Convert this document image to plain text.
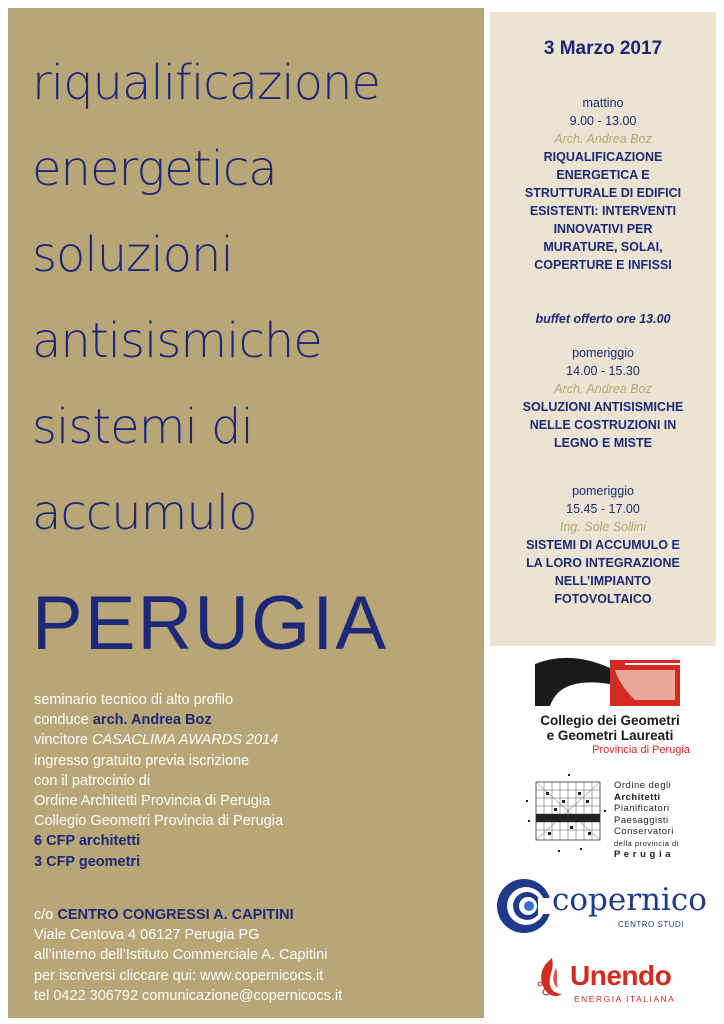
riqualificazione
energetica
soluzioni
antisismiche
sistemi di
accumulo
PERUGIA
seminario tecnico di alto profilo
conduce arch. Andrea Boz
vincitore CASACLIMA AWARDS 2014
ingresso gratuito previa iscrizione
con il patrocinio di
Ordine Architetti Provincia di Perugia
Collegio Geometri Provincia di Perugia
6 CFP architetti
3 CFP geometri
c/o CENTRO CONGRESSI A. CAPITINI
Viale Centova 4 06127 Perugia PG
all’interno dell’Istituto Commerciale A. Capitini
per iscriversi cliccare qui: www.copernicocs.it
tel 0422 306792 comunicazione@copernicocs.it
3 Marzo 2017
mattino
9.00 - 13.00
Arch. Andrea Boz
RIQUALIFICAZIONE
ENERGETICA E
STRUTTURALE DI EDIFICI
ESISTENTI: INTERVENTI
INNOVATIVI PER
MURATURE, SOLAI,
COPERTURE E INFISSI
buffet offerto ore 13.00
pomeriggio
14.00 - 15.30
Arch. Andrea Boz
SOLUZIONI ANTISISMICHE
NELLE COSTRUZIONI IN
LEGNO E MISTE
pomeriggio
15.45 - 17.00
Ing. Sole Sollini
SISTEMI DI ACCUMULO E
LA LORO INTEGRAZIONE
NELL’IMPIANTO
FOTOVOLTAICO
Collegio dei Geometri
e Geometri Laureati
Provincia di Perugia
Ordine degli
Architetti
Pianificatori
Paesaggisti
Conservatori
della provincia di
P e r u g i a
copernico
CENTRO STUDI
Unendo
ENERGIA ITALIANA
